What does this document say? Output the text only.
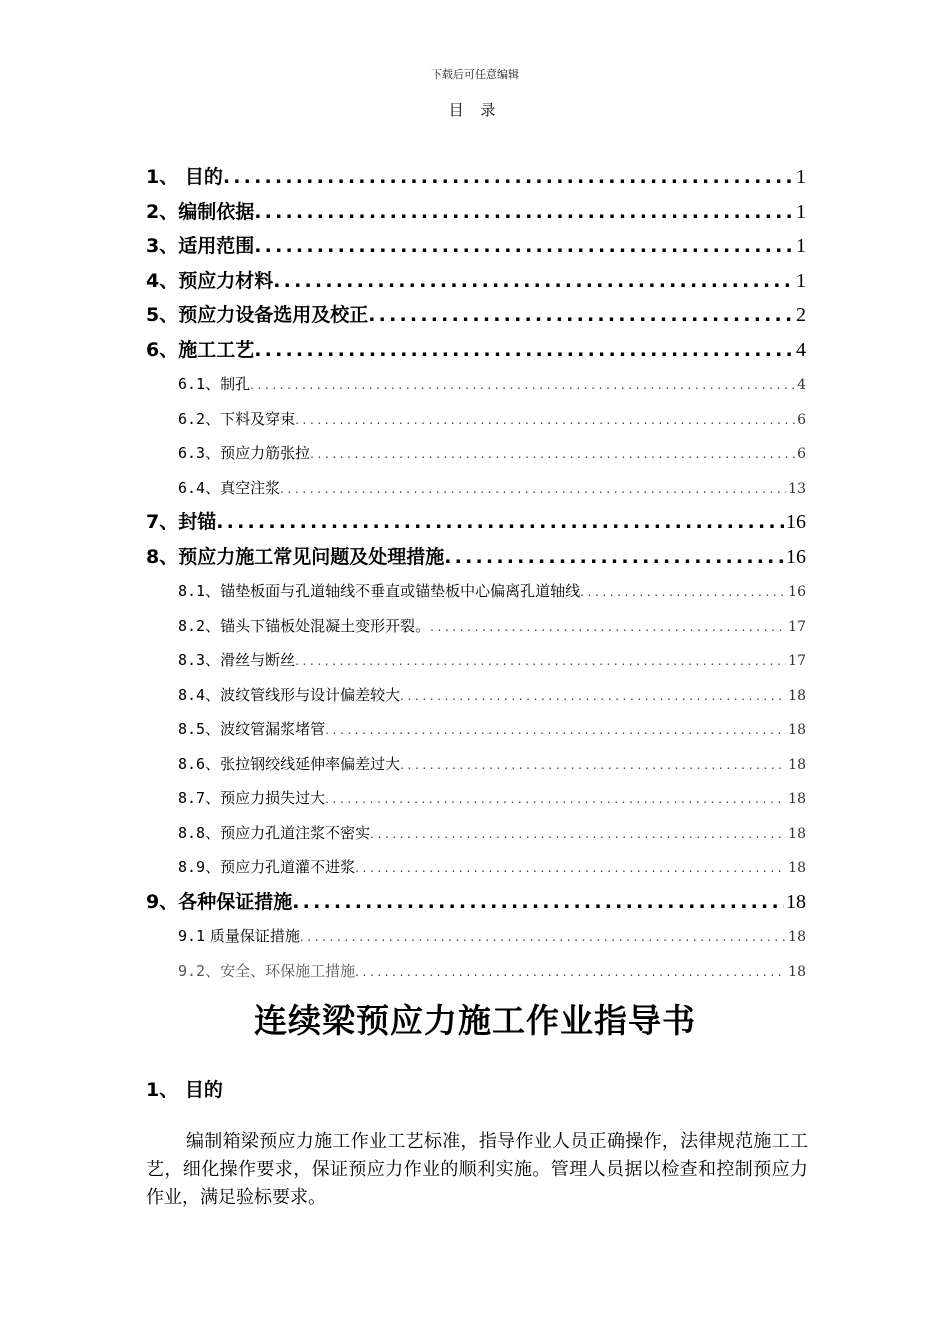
下载后可任意编辑
目 录
1、 目的 .....	1
2、编制依据 .....	1
3、适用范围 .....	1
4、预应力材料 .....	1
5、预应力设备选用及校正 .....	2
6、施工工艺 .....	4
6.1、制孔 .....	4
6.2、下料及穿束 .....	6
6.3、预应力筋张拉 .....	6
6.4、真空注浆 .....	13
7、封锚 .....	16
8、预应力施工常见问题及处理措施 .....	16
8.1、锚垫板面与孔道轴线不垂直或锚垫板中心偏离孔道轴线 .....	16
8.2、锚头下锚板处混凝土变形开裂。 .....	17
8.3、滑丝与断丝 .....	17
8.4、波纹管线形与设计偏差较大 .....	18
8.5、波纹管漏浆堵管 .....	18
8.6、张拉钢绞线延伸率偏差过大 .....	18
8.7、预应力损失过大 .....	18
8.8、预应力孔道注浆不密实 .....	18
8.9、预应力孔道灌不进浆 .....	18
9、各种保证措施 .....	18
9.1 质量保证措施 .....	18
9.2、安全、环保施工措施 .....	18
连续梁预应力施工作业指导书
1、 目的
编制箱梁预应力施工作业工艺标准，指导作业人员正确操作，法律规范施工工艺，细化操作要求，保证预应力作业的顺利实施。管理人员据以检查和控制预应力作业，满足验标要求。
